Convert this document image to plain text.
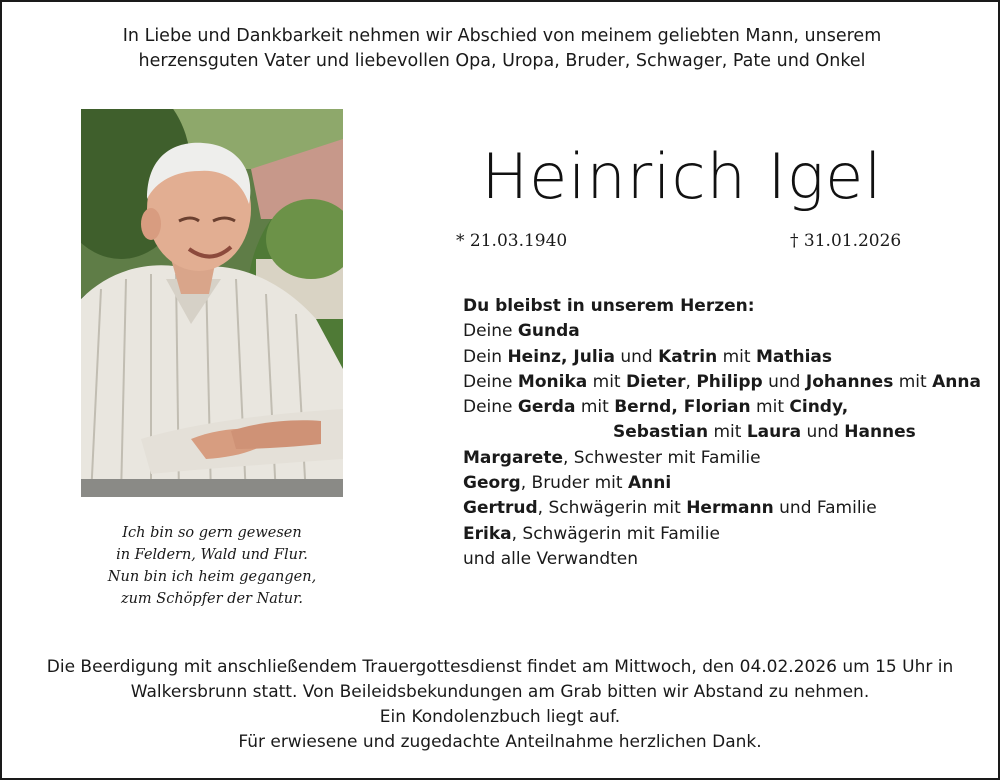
In Liebe und Dankbarkeit nehmen wir Abschied von meinem geliebten Mann, unserem
herzensguten Vater und liebevollen Opa, Uropa, Bruder, Schwager, Pate und Onkel
Heinrich Igel
* 21.03.1940	† 31.01.2026
Du bleibst in unserem Herzen:
Deine Gunda
Dein Heinz, Julia und Katrin mit Mathias
Deine Monika mit Dieter, Philipp und Johannes mit Anna
Deine Gerda mit Bernd, Florian mit Cindy,
Sebastian mit Laura und Hannes
Margarete, Schwester mit Familie
Georg, Bruder mit Anni
Gertrud, Schwägerin mit Hermann und Familie
Erika, Schwägerin mit Familie
und alle Verwandten
Ich bin so gern gewesen
in Feldern, Wald und Flur.
Nun bin ich heim gegangen,
zum Schöpfer der Natur.
Die Beerdigung mit anschließendem Trauergottesdienst findet am Mittwoch, den 04.02.2026 um 15 Uhr in
Walkersbrunn statt. Von Beileidsbekundungen am Grab bitten wir Abstand zu nehmen.
Ein Kondolenzbuch liegt auf.
Für erwiesene und zugedachte Anteilnahme herzlichen Dank.
